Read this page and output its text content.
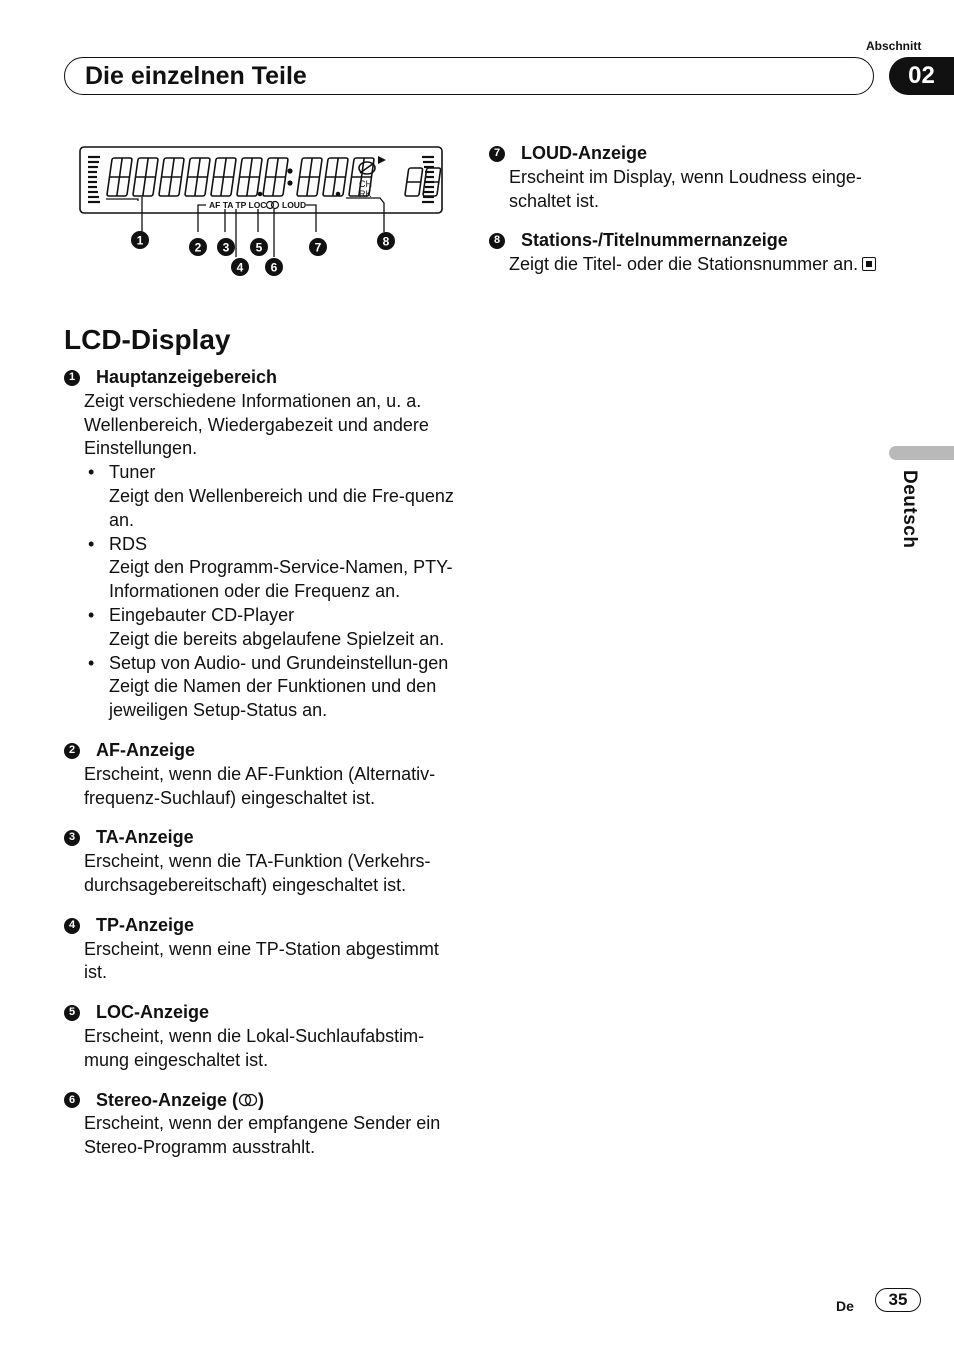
Abschnitt
Die einzelnen Teile	02
CH
RK
AF TA TP LOC LOUD
1	2 3
4
5
6
7	8
LCD-Display
1 Hauptanzeigebereich
Zeigt verschiedene Informationen an, u. a. Wellenbereich, Wiedergabezeit und andere Einstellungen.
• Tuner
Zeigt den Wellenbereich und die Fre-quenz an.
• RDS
Zeigt den Programm-Service-Namen, PTY-Informationen oder die Frequenz an.
• Eingebauter CD-Player
Zeigt die bereits abgelaufene Spielzeit an.
• Setup von Audio- und Grundeinstellun-gen
Zeigt die Namen der Funktionen und den jeweiligen Setup-Status an.
2 AF-Anzeige
Erscheint, wenn die AF-Funktion (Alternativ-frequenz-Suchlauf) eingeschaltet ist.
3 TA-Anzeige
Erscheint, wenn die TA-Funktion (Verkehrs-durchsagebereitschaft) eingeschaltet ist.
4 TP-Anzeige
Erscheint, wenn eine TP-Station abgestimmt ist.
5 LOC-Anzeige
Erscheint, wenn die Lokal-Suchlaufabstim-mung eingeschaltet ist.
6 Stereo-Anzeige ( )
Erscheint, wenn der empfangene Sender ein Stereo-Programm ausstrahlt.
7 LOUD-Anzeige
Erscheint im Display, wenn Loudness einge-schaltet ist.
8 Stations-/Titelnummernanzeige
Zeigt die Titel- oder die Stationsnummer an.
Deutsch
De	35
